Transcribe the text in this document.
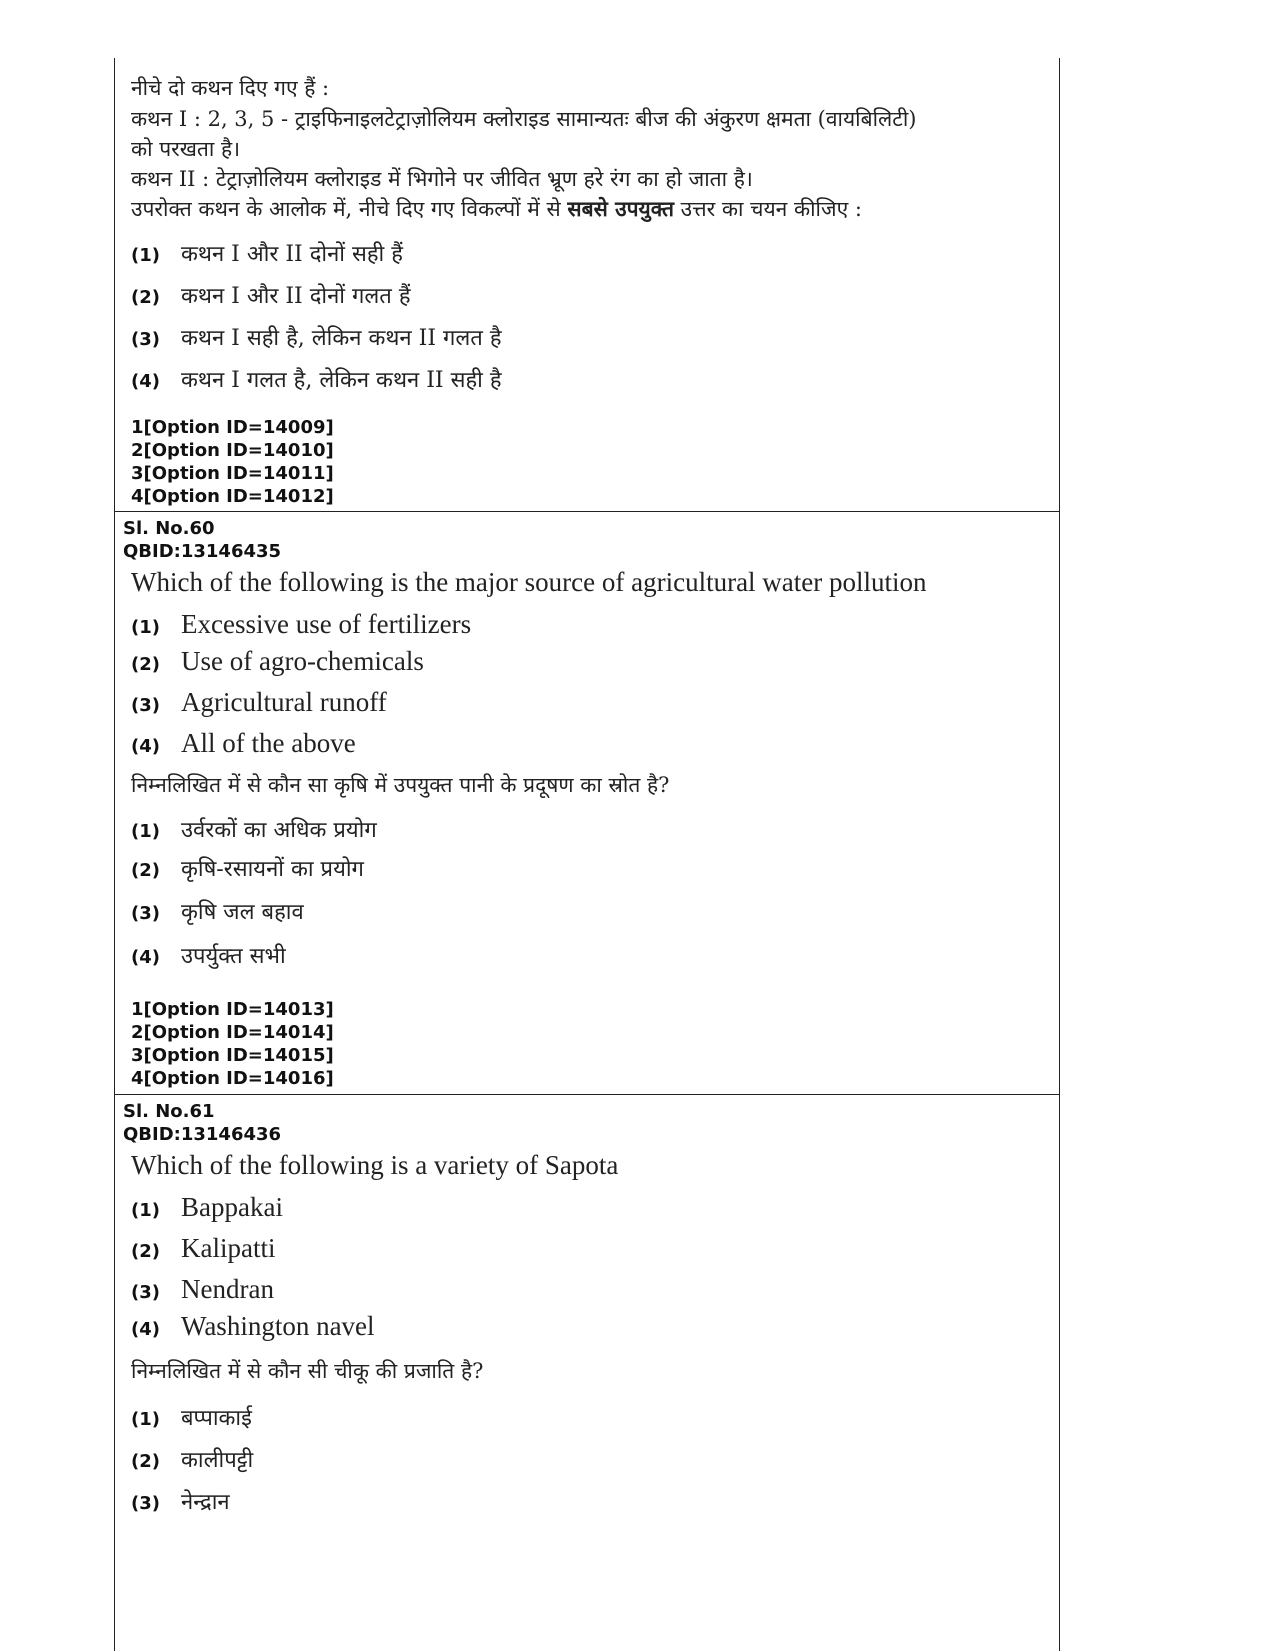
नीचे दो कथन दिए गए हैं :
कथन I : 2, 3, 5 - ट्राइफिनाइलटेट्राज़ोलियम क्लोराइड सामान्यतः बीज की अंकुरण क्षमता (वायबिलिटी)
को परखता है।
कथन II : टेट्राज़ोलियम क्लोराइड में भिगोने पर जीवित भ्रूण हरे रंग का हो जाता है।
उपरोक्त कथन के आलोक में, नीचे दिए गए विकल्पों में से सबसे उपयुक्त उत्तर का चयन कीजिए :
(1) कथन I और II दोनों सही हैं
(2) कथन I और II दोनों गलत हैं
(3) कथन I सही है, लेकिन कथन II गलत है
(4) कथन I गलत है, लेकिन कथन II सही है
1[Option ID=14009]
2[Option ID=14010]
3[Option ID=14011]
4[Option ID=14012]
Sl. No.60
QBID:13146435
Which of the following is the major source of agricultural water pollution
(1) Excessive use of fertilizers
(2) Use of agro-chemicals
(3) Agricultural runoff
(4) All of the above
निम्नलिखित में से कौन सा कृषि में उपयुक्त पानी के प्रदूषण का स्रोत है?
(1) उर्वरकों का अधिक प्रयोग
(2) कृषि-रसायनों का प्रयोग
(3) कृषि जल बहाव
(4) उपर्युक्त सभी
1[Option ID=14013]
2[Option ID=14014]
3[Option ID=14015]
4[Option ID=14016]
Sl. No.61
QBID:13146436
Which of the following is a variety of Sapota
(1) Bappakai
(2) Kalipatti
(3) Nendran
(4) Washington navel
निम्नलिखित में से कौन सी चीकू की प्रजाति है?
(1) बप्पाकाई
(2) कालीपट्टी
(3) नेन्द्रान
